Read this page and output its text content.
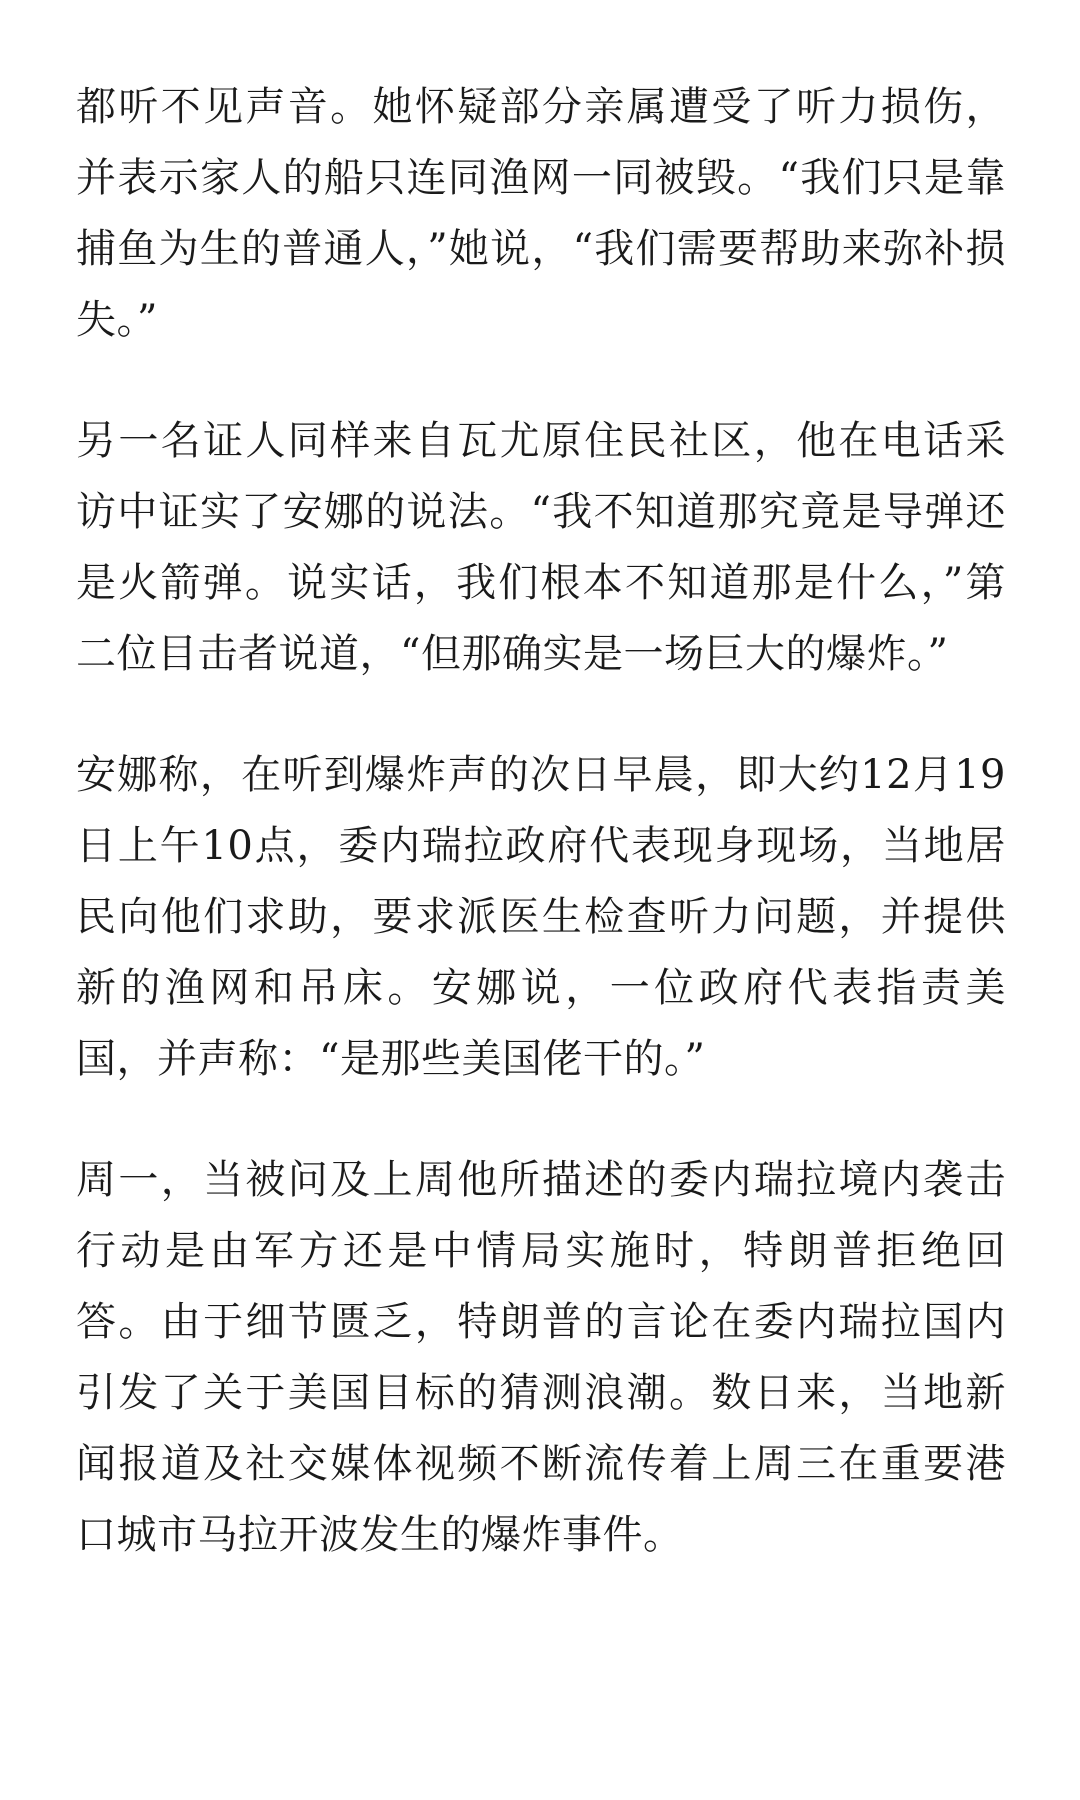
都听不见声音。她怀疑部分亲属遭受了听力损伤，并表示家人的船只连同渔网一同被毁。“我们只是靠捕鱼为生的普通人，”她说，“我们需要帮助来弥补损失。”

另一名证人同样来自瓦尤原住民社区，他在电话采访中证实了安娜的说法。“我不知道那究竟是导弹还是火箭弹。说实话，我们根本不知道那是什么，”第二位目击者说道，“但那确实是一场巨大的爆炸。”

安娜称，在听到爆炸声的次日早晨，即大约12月19日上午10点，委内瑞拉政府代表现身现场，当地居民向他们求助，要求派医生检查听力问题，并提供新的渔网和吊床。安娜说，一位政府代表指责美国，并声称：“是那些美国佬干的。”

周一，当被问及上周他所描述的委内瑞拉境内袭击行动是由军方还是中情局实施时，特朗普拒绝回答。由于细节匮乏，特朗普的言论在委内瑞拉国内引发了关于美国目标的猜测浪潮。数日来，当地新闻报道及社交媒体视频不断流传着上周三在重要港口城市马拉开波发生的爆炸事件。
